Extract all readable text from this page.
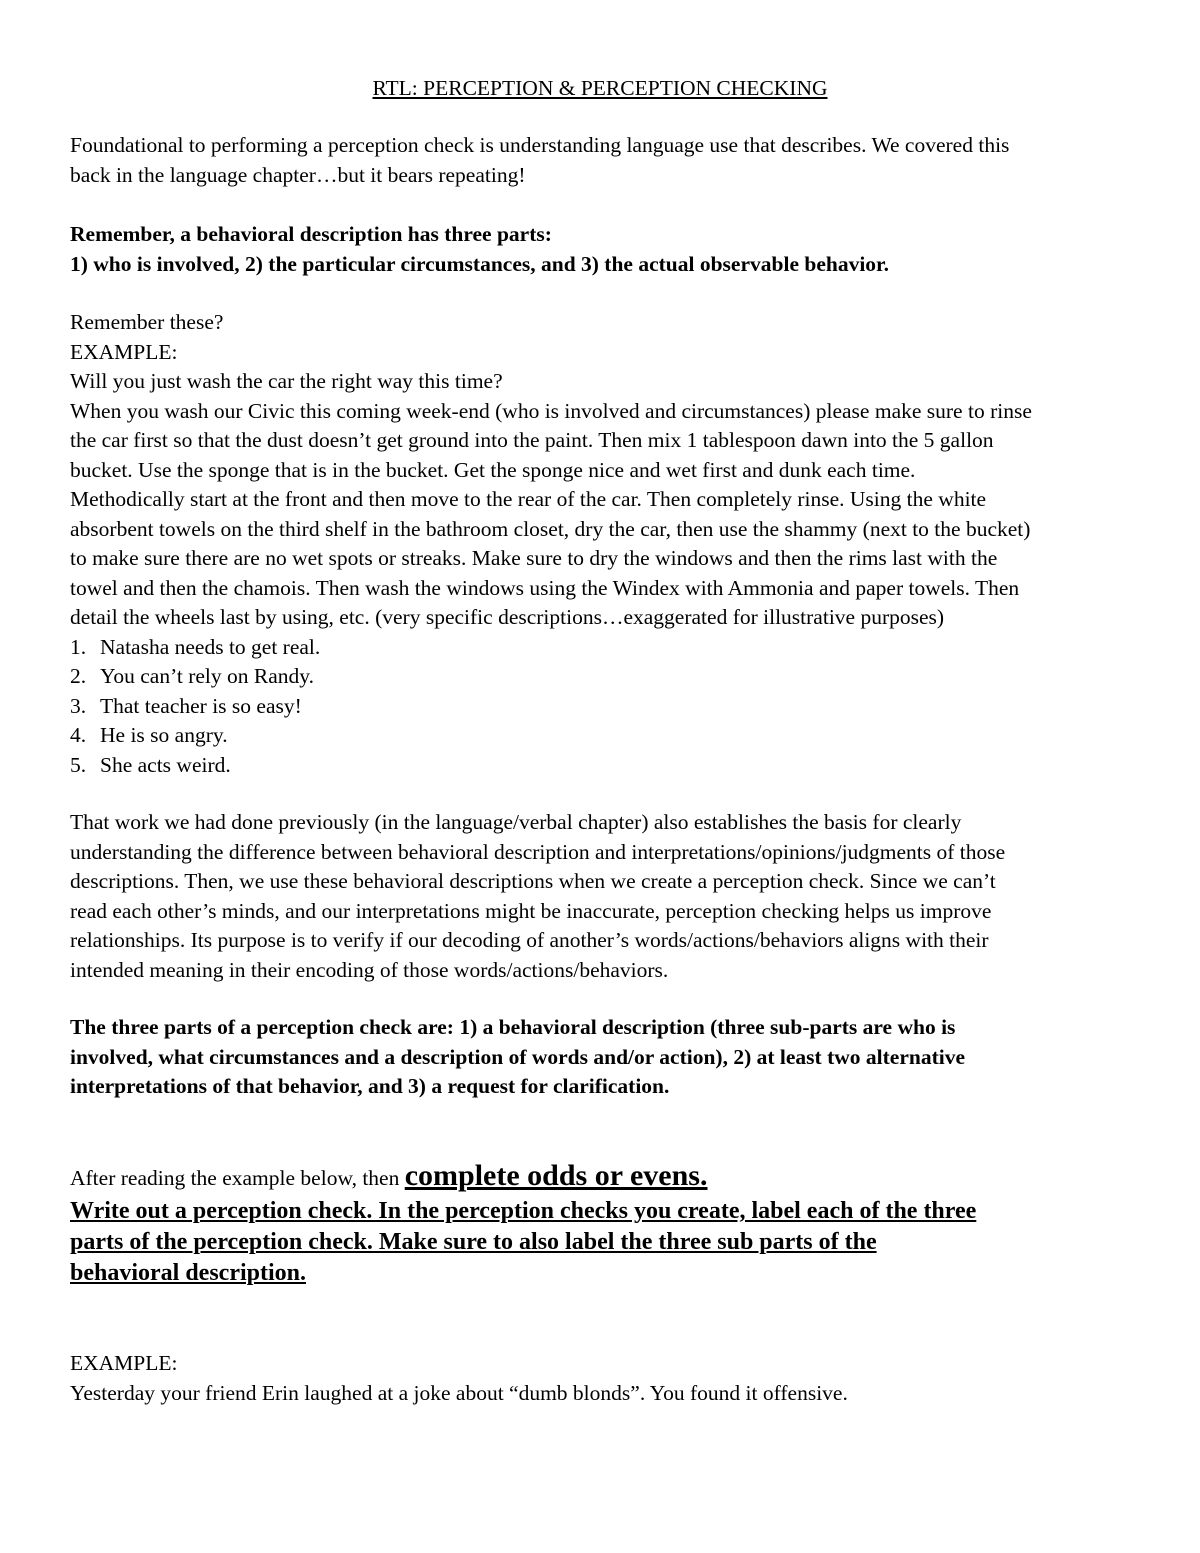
RTL: PERCEPTION & PERCEPTION CHECKING

Foundational to performing a perception check is understanding language use that describes. We covered this
back in the language chapter…but it bears repeating!

Remember, a behavioral description has three parts:
1) who is involved, 2) the particular circumstances, and 3) the actual observable behavior.

Remember these?
EXAMPLE:
Will you just wash the car the right way this time?
When you wash our Civic this coming week-end (who is involved and circumstances) please make sure to rinse
the car first so that the dust doesn’t get ground into the paint. Then mix 1 tablespoon dawn into the 5 gallon
bucket. Use the sponge that is in the bucket. Get the sponge nice and wet first and dunk each time.
Methodically start at the front and then move to the rear of the car. Then completely rinse. Using the white
absorbent towels on the third shelf in the bathroom closet, dry the car, then use the shammy (next to the bucket)
to make sure there are no wet spots or streaks. Make sure to dry the windows and then the rims last with the
towel and then the chamois. Then wash the windows using the Windex with Ammonia and paper towels. Then
detail the wheels last by using, etc. (very specific descriptions…exaggerated for illustrative purposes)
1. Natasha needs to get real.
2. You can’t rely on Randy.
3. That teacher is so easy!
4. He is so angry.
5. She acts weird.

That work we had done previously (in the language/verbal chapter) also establishes the basis for clearly
understanding the difference between behavioral description and interpretations/opinions/judgments of those
descriptions. Then, we use these behavioral descriptions when we create a perception check. Since we can’t
read each other’s minds, and our interpretations might be inaccurate, perception checking helps us improve
relationships. Its purpose is to verify if our decoding of another’s words/actions/behaviors aligns with their
intended meaning in their encoding of those words/actions/behaviors.

The three parts of a perception check are: 1) a behavioral description (three sub-parts are who is
involved, what circumstances and a description of words and/or action), 2) at least two alternative
interpretations of that behavior, and 3) a request for clarification.

After reading the example below, then complete odds or evens.

Write out a perception check. In the perception checks you create, label each of the three
parts of the perception check. Make sure to also label the three sub parts of the
behavioral description.

EXAMPLE:
Yesterday your friend Erin laughed at a joke about “dumb blonds”. You found it offensive.
